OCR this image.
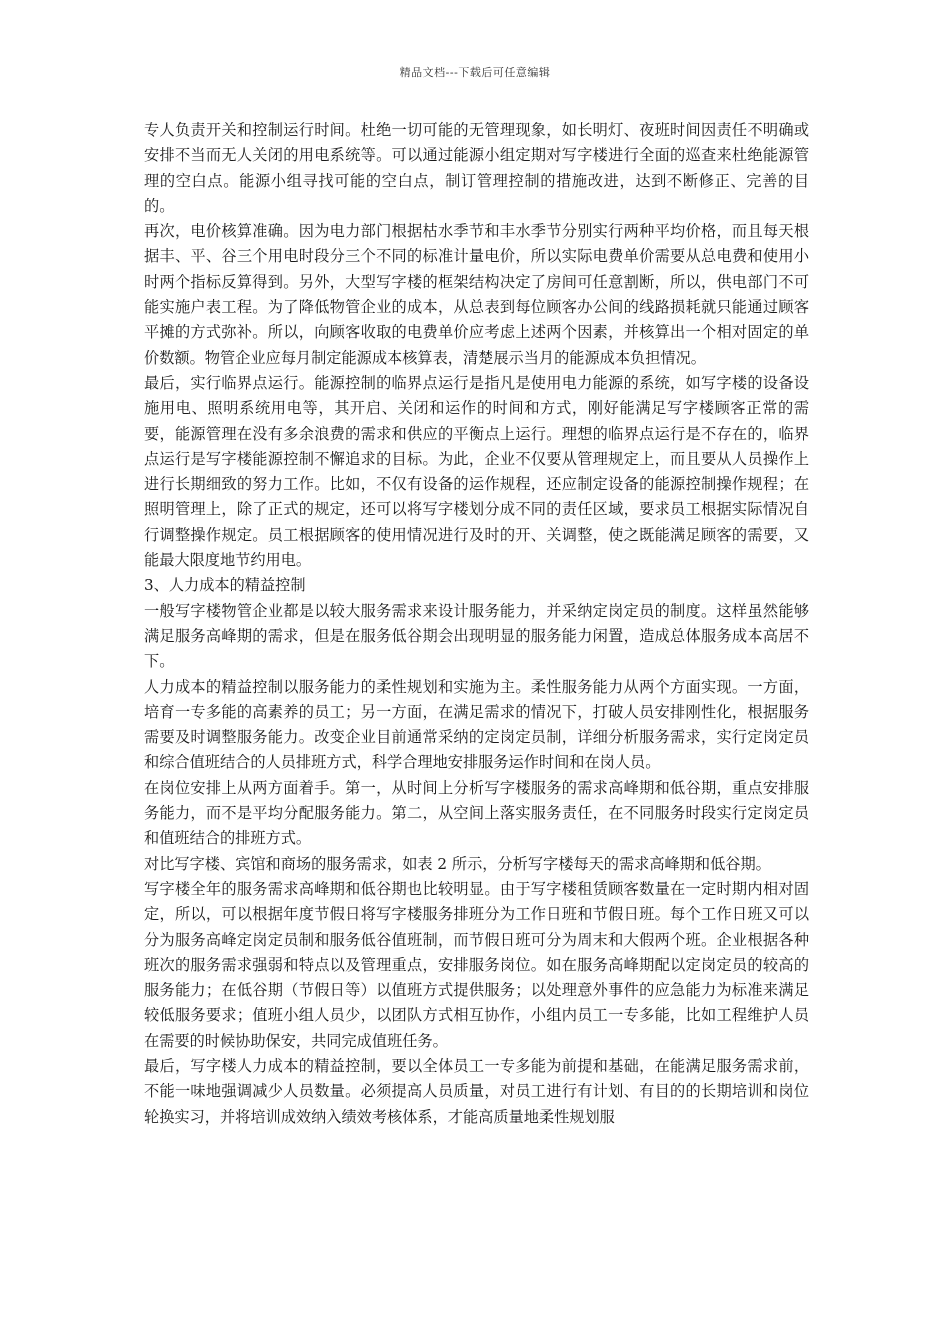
精品文档---下载后可任意编辑

专人负责开关和控制运行时间。杜绝一切可能的无管理现象，如长明灯、夜班时间因责任不明确或安排不当而无人关闭的用电系统等。可以通过能源小组定期对写字楼进行全面的巡查来杜绝能源管理的空白点。能源小组寻找可能的空白点，制订管理控制的措施改进，达到不断修正、完善的目的。

再次，电价核算准确。因为电力部门根据枯水季节和丰水季节分别实行两种平均价格，而且每天根据丰、平、谷三个用电时段分三个不同的标准计量电价，所以实际电费单价需要从总电费和使用小时两个指标反算得到。另外，大型写字楼的框架结构决定了房间可任意割断，所以，供电部门不可能实施户表工程。为了降低物管企业的成本，从总表到每位顾客办公间的线路损耗就只能通过顾客平摊的方式弥补。所以，向顾客收取的电费单价应考虑上述两个因素，并核算出一个相对固定的单价数额。物管企业应每月制定能源成本核算表，清楚展示当月的能源成本负担情况。

最后，实行临界点运行。能源控制的临界点运行是指凡是使用电力能源的系统，如写字楼的设备设施用电、照明系统用电等，其开启、关闭和运作的时间和方式，刚好能满足写字楼顾客正常的需要，能源管理在没有多余浪费的需求和供应的平衡点上运行。理想的临界点运行是不存在的，临界点运行是写字楼能源控制不懈追求的目标。为此，企业不仅要从管理规定上，而且要从人员操作上进行长期细致的努力工作。比如，不仅有设备的运作规程，还应制定设备的能源控制操作规程；在照明管理上，除了正式的规定，还可以将写字楼划分成不同的责任区域，要求员工根据实际情况自行调整操作规定。员工根据顾客的使用情况进行及时的开、关调整，使之既能满足顾客的需要，又能最大限度地节约用电。

3、人力成本的精益控制

一般写字楼物管企业都是以较大服务需求来设计服务能力，并采纳定岗定员的制度。这样虽然能够满足服务高峰期的需求，但是在服务低谷期会出现明显的服务能力闲置，造成总体服务成本高居不下。

人力成本的精益控制以服务能力的柔性规划和实施为主。柔性服务能力从两个方面实现。一方面，培育一专多能的高素养的员工；另一方面，在满足需求的情况下，打破人员安排刚性化，根据服务需要及时调整服务能力。改变企业目前通常采纳的定岗定员制，详细分析服务需求，实行定岗定员和综合值班结合的人员排班方式，科学合理地安排服务运作时间和在岗人员。

在岗位安排上从两方面着手。第一，从时间上分析写字楼服务的需求高峰期和低谷期，重点安排服务能力，而不是平均分配服务能力。第二，从空间上落实服务责任，在不同服务时段实行定岗定员和值班结合的排班方式。

对比写字楼、宾馆和商场的服务需求，如表 2 所示，分析写字楼每天的需求高峰期和低谷期。

写字楼全年的服务需求高峰期和低谷期也比较明显。由于写字楼租赁顾客数量在一定时期内相对固定，所以，可以根据年度节假日将写字楼服务排班分为工作日班和节假日班。每个工作日班又可以分为服务高峰定岗定员制和服务低谷值班制，而节假日班可分为周末和大假两个班。企业根据各种班次的服务需求强弱和特点以及管理重点，安排服务岗位。如在服务高峰期配以定岗定员的较高的服务能力；在低谷期（节假日等）以值班方式提供服务；以处理意外事件的应急能力为标准来满足较低服务要求；值班小组人员少，以团队方式相互协作，小组内员工一专多能，比如工程维护人员在需要的时候协助保安，共同完成值班任务。

最后，写字楼人力成本的精益控制，要以全体员工一专多能为前提和基础，在能满足服务需求前，不能一味地强调减少人员数量。必须提高人员质量，对员工进行有计划、有目的的长期培训和岗位轮换实习，并将培训成效纳入绩效考核体系，才能高质量地柔性规划服
